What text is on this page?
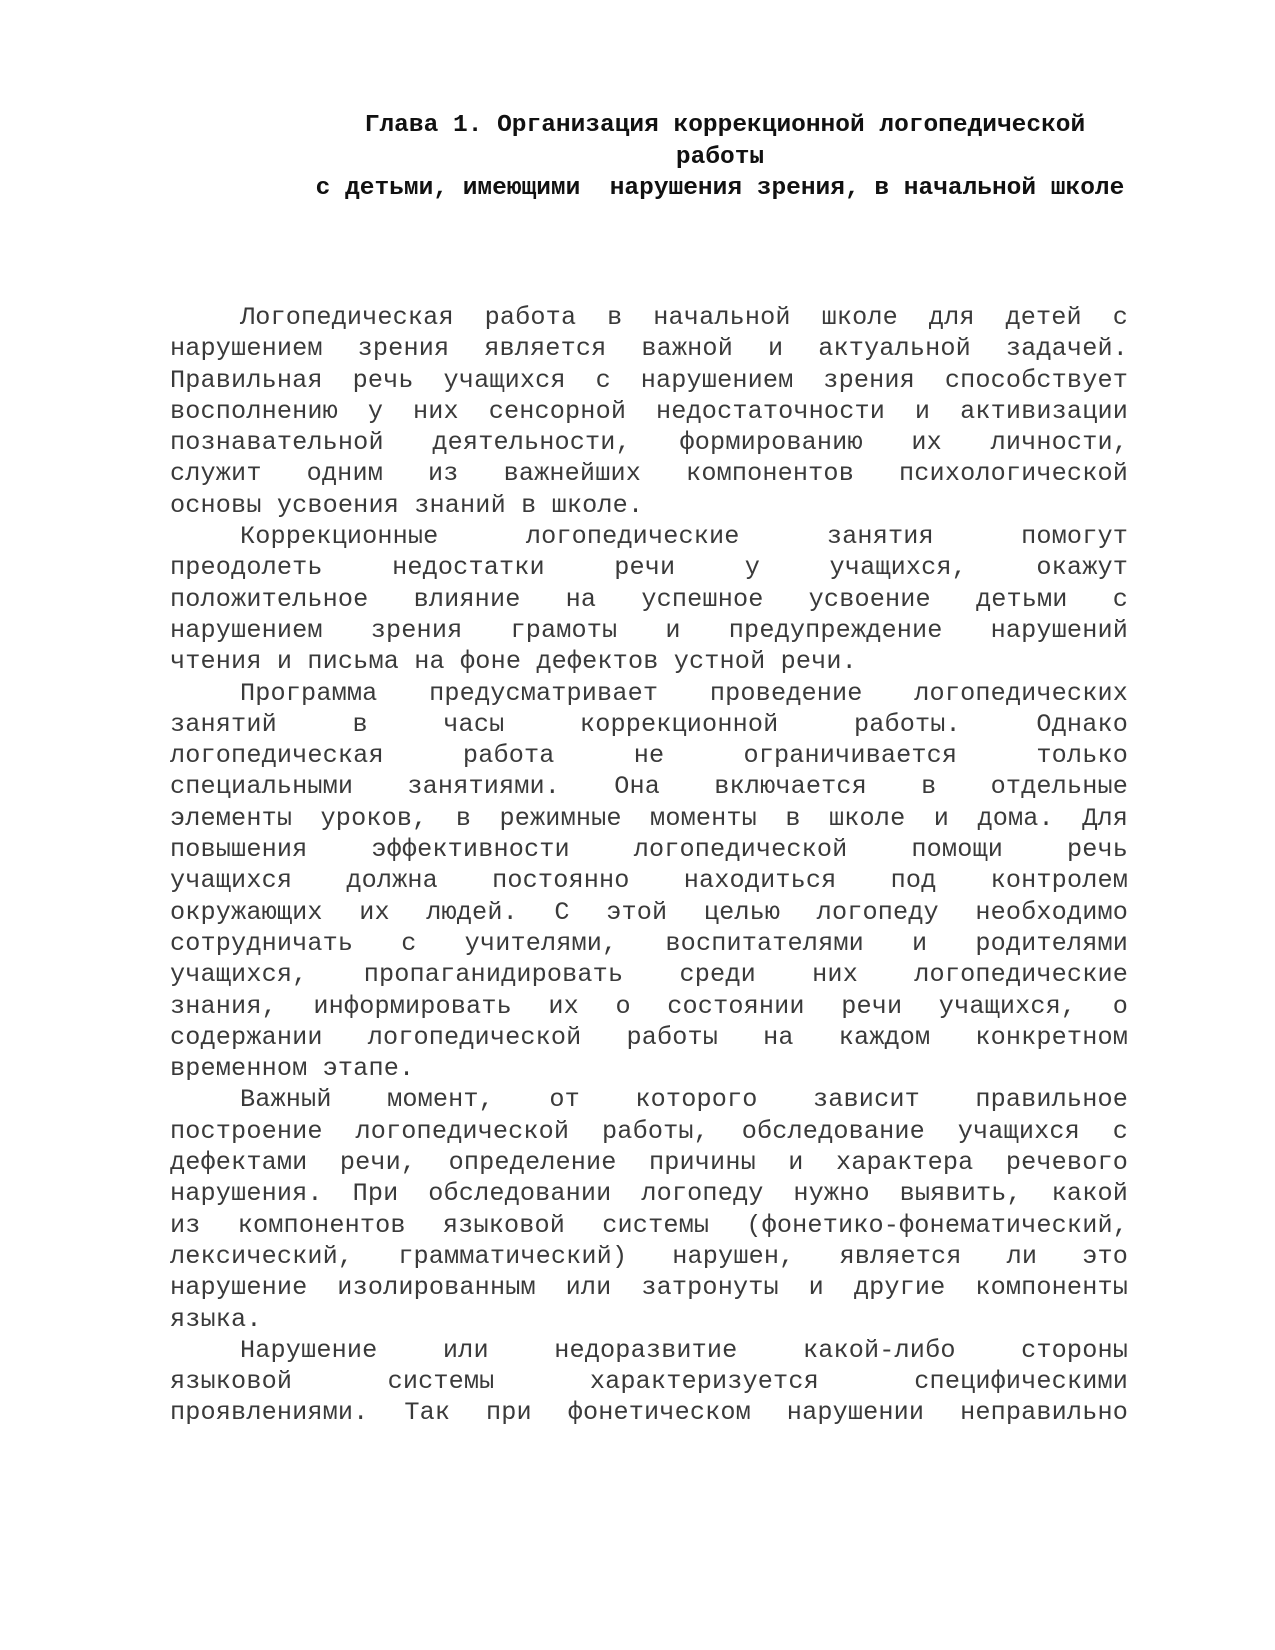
Глава 1. Организация коррекционной логопедической
работы
с детьми, имеющими  нарушения зрения, в начальной школе
Логопедическая работа в начальной школе для детей с
нарушением зрения является важной и актуальной задачей.
Правильная речь учащихся с нарушением зрения способствует
восполнению у них сенсорной недостаточности и активизации
познавательной деятельности, формированию их личности,
служит одним из важнейших компонентов психологической
основы усвоения знаний в школе.
Коррекционные логопедические занятия помогут
преодолеть недостатки речи у учащихся, окажут
положительное влияние на успешное усвоение детьми с
нарушением зрения грамоты и предупреждение нарушений
чтения и письма на фоне дефектов устной речи.
Программа предусматривает проведение логопедических
занятий в часы коррекционной работы. Однако
логопедическая работа не ограничивается только
специальными занятиями. Она включается в отдельные
элементы уроков, в режимные моменты в школе и дома. Для
повышения эффективности логопедической помощи речь
учащихся должна постоянно находиться под контролем
окружающих их людей. С этой целью логопеду необходимо
сотрудничать с учителями, воспитателями и родителями
учащихся, пропаганидировать среди них логопедические
знания, информировать их о состоянии речи учащихся, о
содержании логопедической работы на каждом конкретном
временном этапе.
Важный момент, от которого зависит правильное
построение логопедической работы, обследование учащихся с
дефектами речи, определение причины и характера речевого
нарушения. При обследовании логопеду нужно выявить, какой
из компонентов языковой системы (фонетико-фонематический,
лексический, грамматический) нарушен, является ли это
нарушение изолированным или затронуты и другие компоненты
языка.
Нарушение или недоразвитие какой-либо стороны
языковой системы характеризуется специфическими
проявлениями. Так при фонетическом нарушении неправильно
